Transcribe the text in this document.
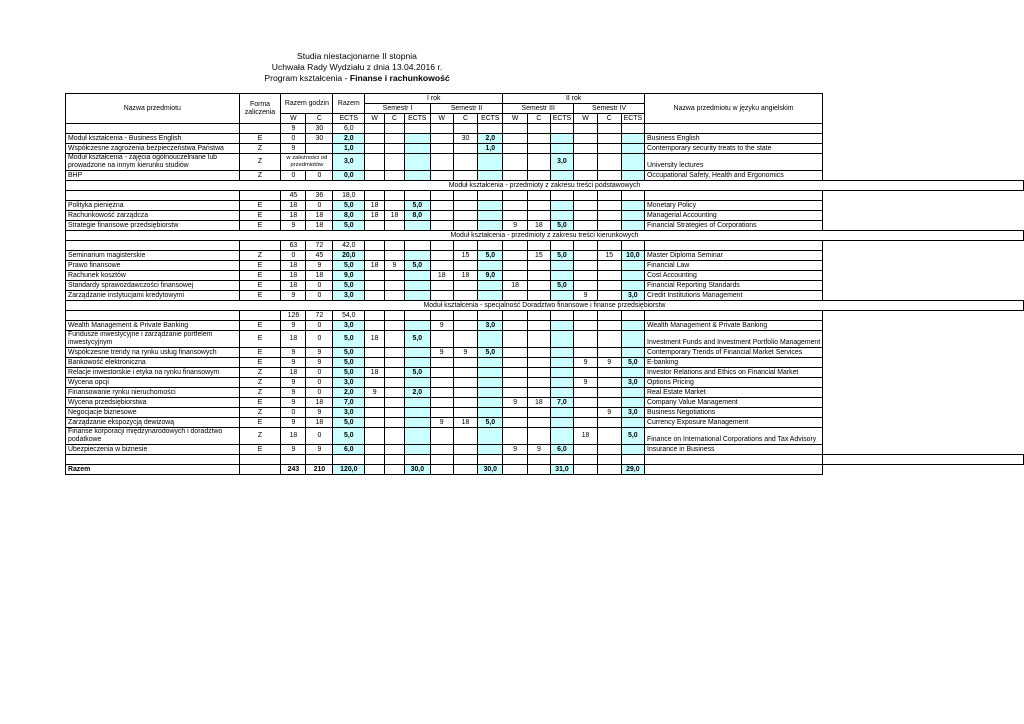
Studia niestacjonarne II stopnia
Uchwała Rady Wydziału z dnia 13.04.2016 r.
Program kształcenia - Finanse i rachunkowość
Nazwa przedmiotu	Forma zaliczenia	Razem godzin		Razem	I rok						II rok						Nazwa przedmiotu w języku angielskim	
					Semestr I			Semestr II			Semestr III			Semestr IV				
		W	Ć	ECTS	W	Ć	ECTS	W	Ć	ECTS	W	Ć	ECTS	W	Ć	ECTS		
		9	30	6,0														
Moduł kształcenia - Business English	E	0	30	2,0					30	2,0							Business English	
Współczesne zagrożenia bezpieczeństwa Państwa	Z	9		1,0						1,0							Contemporary security treats to the state	
Moduł kształcenia - zajęcia ogólnouczelniane lub prowadzone na innym kierunku studiów	Z	w zależności od przedmiotów		3,0									3,0				University lectures	
BHP	Z	0	0	0,0													Occupational Safety, Health and Ergonomics	
Moduł kształcenia - przedmioty z zakresu treści podstawowych																		
		45	36	18,0														
Polityka pieniężna	E	18	0	5,0	18		5,0										Monetary Policy	
Rachunkowość zarządcza	E	18	18	8,0	18	18	8,0										Managerial Accounting	
Strategie finansowe przedsiębiorstw	E	9	18	5,0							9	18	5,0				Financial Strategies of Corporations	
Moduł kształcenia - przedmioty z zakresu treści kierunkowych																		
		63	72	42,0														
Seminarium magisterskie	Z	0	45	20,0					15	5,0		15	5,0		15	10,0	Master Diploma Seminar	
Prawo finansowe	E	18	9	5,0	18	9	5,0										Financial Law	
Rachunek kosztów	E	18	18	9,0				18	18	9,0							Cost Accounting	
Standardy sprawozdawczości finansowej	E	18	0	5,0							18		5,0				Financial Reporting Standards	
Zarządzanie instytucjami kredytowymi	E	9	0	3,0										9		3,0	Credit Institutions Management	
Moduł kształcenia - specjalność Doradztwo finansowe i finanse przedsiębiorstw																		
		126	72	54,0														
Wealth Management & Private Banking	E	9	0	3,0				9		3,0							Wealth Management & Private Banking	
Fundusze inwestycyjne i zarządzanie portfelem inwestycyjnym	E	18	0	5,0	18		5,0										Investment Funds and Investment Portfolio Management	
Współczesne trendy na rynku usług finansowych	E	9	9	5,0				9	9	5,0							Contemporary Trends of Financial Market Services	
Bankowość elektroniczna	E	9	9	5,0										9	9	5,0	E-banking	
Relacje inwestorskie i etyka na rynku finansowym	Z	18	0	5,0	18		5,0										Investor Relations and Ethics on Financial Market	
Wycena opcji	Z	9	0	3,0										9		3,0	Options Pricing	
Finansowanie rynku nieruchomości	Z	9	0	2,0	9		2,0										Real Estate Market	
Wycena przedsiębiorstwa	E	9	18	7,0							9	18	7,0				Company Value Management	
Negocjacje biznesowe	Z	0	9	3,0											9	3,0	Business Negotiations	
Zarządzanie ekspozycją dewizową	E	9	18	5,0				9	18	5,0							Currency Exposure Management	
Finanse korporacji międzynarodowych i doradztwo podatkowe	Z	18	0	5,0										18		5,0	Finance on International Corporations and Tax Advisory	
Ubezpieczenia w biznesie	E	9	9	6,0							9	9	6,0				Insurance in Business	

Razem		243	210	120,0			30,0			30,0			31,0			29,0		
